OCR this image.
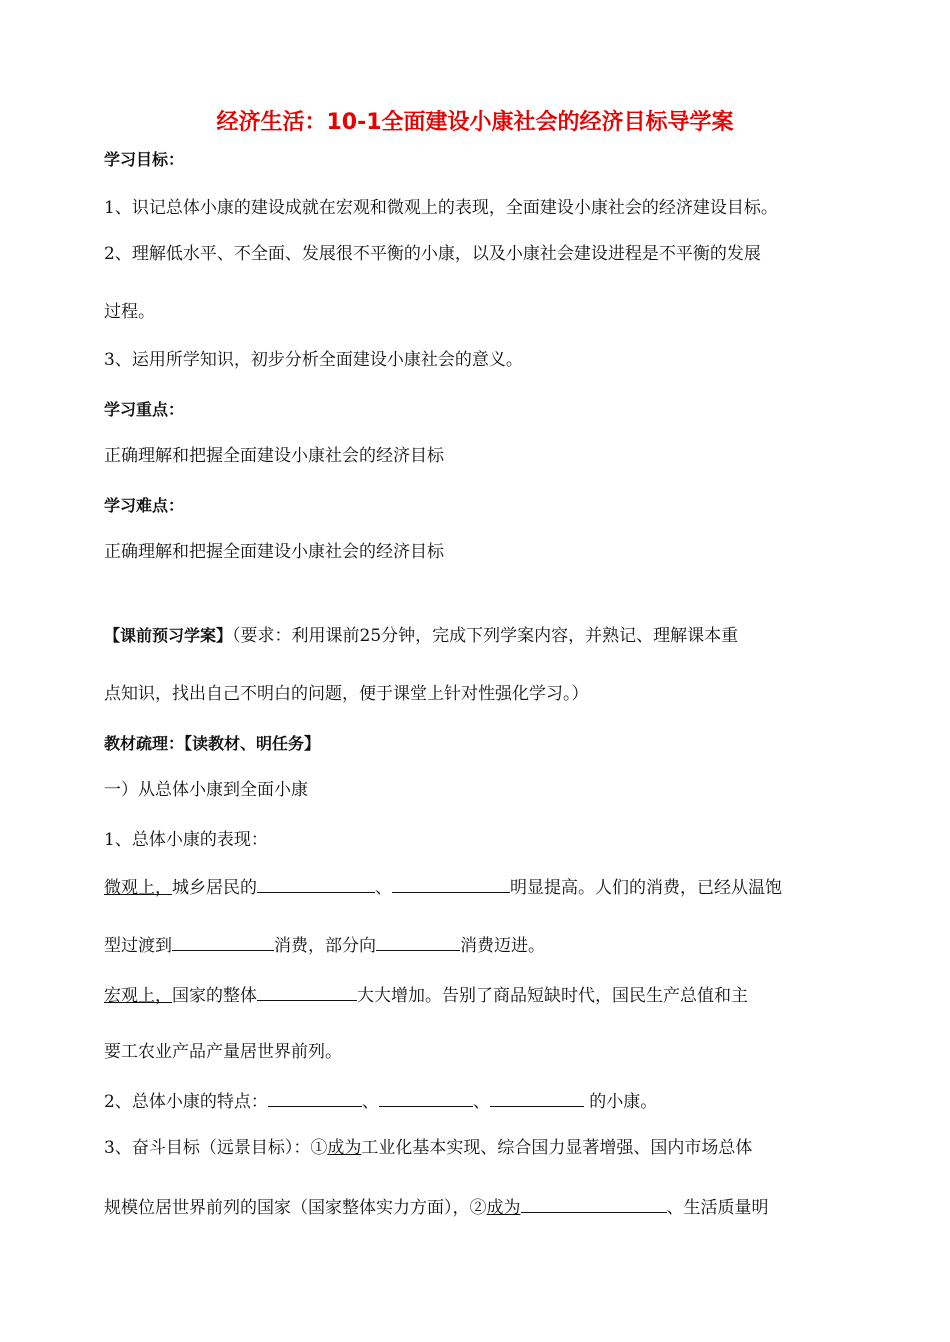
经济生活：10-1全面建设小康社会的经济目标导学案
学习目标：
1、识记总体小康的建设成就在宏观和微观上的表现，全面建设小康社会的经济建设目标。
2、理解低水平、不全面、发展很不平衡的小康，以及小康社会建设进程是不平衡的发展
过程。
3、运用所学知识，初步分析全面建设小康社会的意义。
学习重点：
正确理解和把握全面建设小康社会的经济目标
学习难点：
正确理解和把握全面建设小康社会的经济目标
【课前预习学案】（要求：利用课前25分钟，完成下列学案内容，并熟记、理解课本重
点知识，找出自己不明白的问题，便于课堂上针对性强化学习。）
教材疏理：【读教材、明任务】
一）从总体小康到全面小康
1、总体小康的表现：
微观上，城乡居民的	、	明显提高。人们的消费，已经从温饱
型过渡到	消费，部分向	消费迈进。
宏观上，国家的整体	大大增加。告别了商品短缺时代，国民生产总值和主
要工农业产品产量居世界前列。
2、总体小康的特点：	、	、	的小康。
3、奋斗目标（远景目标）：①成为工业化基本实现、综合国力显著增强、国内市场总体
规模位居世界前列的国家（国家整体实力方面），②成为	、生活质量明
